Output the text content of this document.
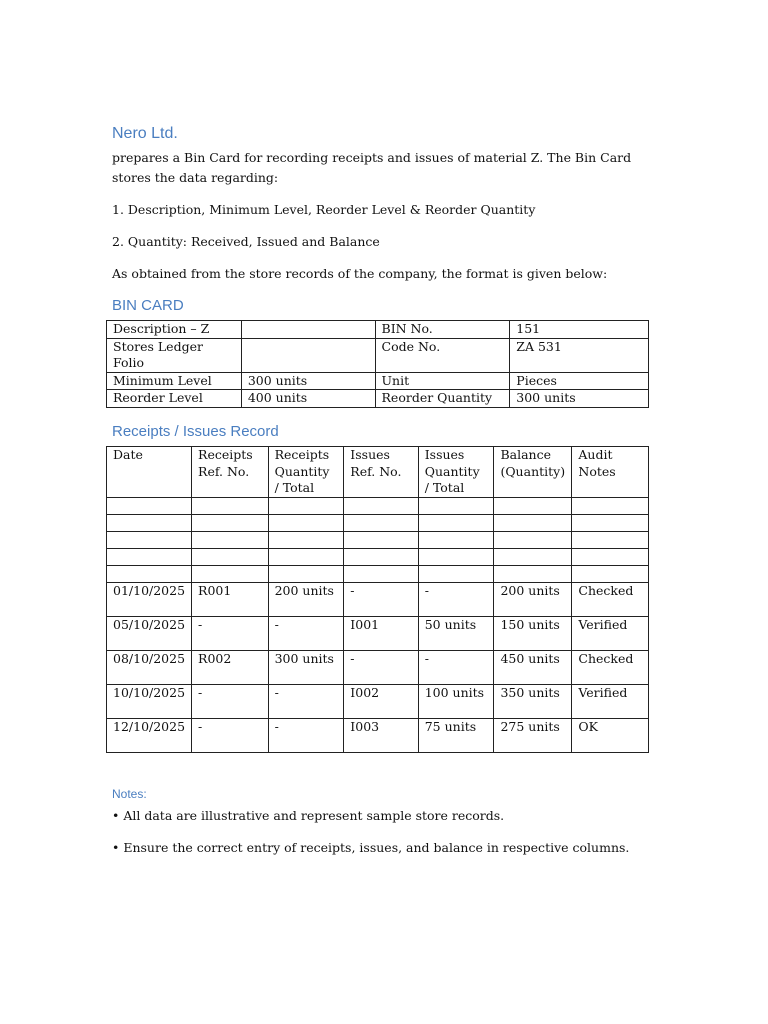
Nero Ltd.

prepares a Bin Card for recording receipts and issues of material Z. The Bin Card stores the data regarding:

1. Description, Minimum Level, Reorder Level & Reorder Quantity

2. Quantity: Received, Issued and Balance

As obtained from the store records of the company, the format is given below:

BIN CARD
Description – Z		BIN No.	151
Stores Ledger Folio		Code No.	ZA 531
Minimum Level	300 units	Unit	Pieces
Reorder Level	400 units	Reorder Quantity	300 units
Receipts / Issues Record
Date	Receipts Ref. No.	Receipts Quantity / Total	Issues Ref. No.	Issues Quantity / Total	Balance (Quantity)	Audit Notes

01/10/2025	R001	200 units	-	-	200 units	Checked
05/10/2025	-	-	I001	50 units	150 units	Verified
08/10/2025	R002	300 units	-	-	450 units	Checked
10/10/2025	-	-	I002	100 units	350 units	Verified
12/10/2025	-	-	I003	75 units	275 units	OK
Notes:

• All data are illustrative and represent sample store records.

• Ensure the correct entry of receipts, issues, and balance in respective columns.
